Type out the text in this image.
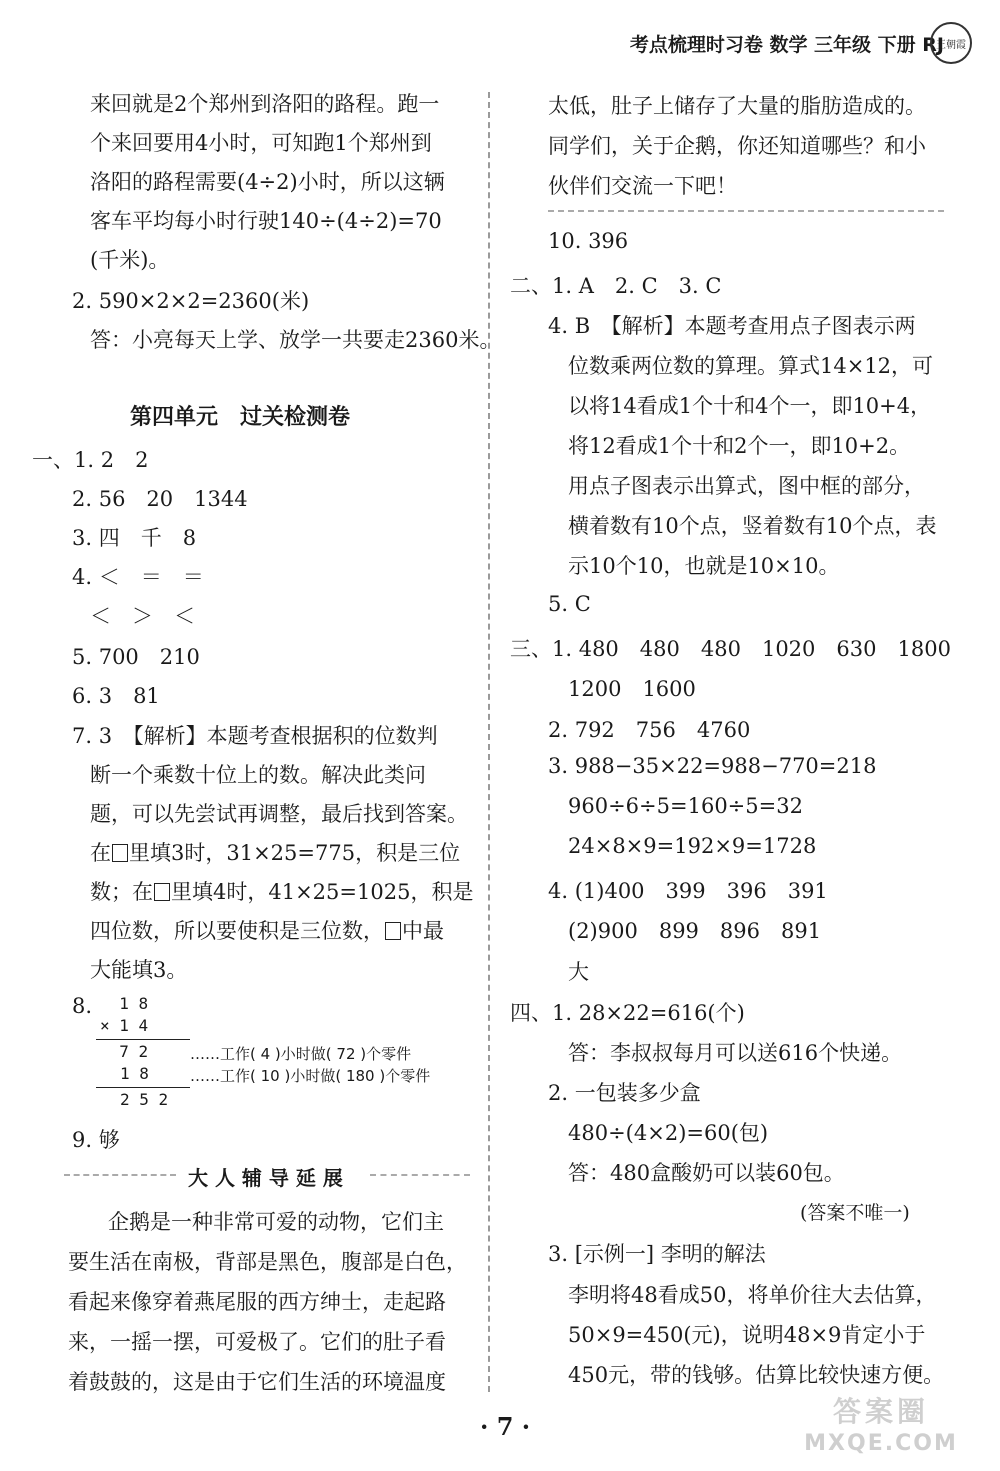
考点梳理时习卷 数学 三年级 下册 RJ
王朝霞
来回就是2个郑州到洛阳的路程。跑一
个来回要用4小时，可知跑1个郑州到
洛阳的路程需要(4÷2)小时，所以这辆
客车平均每小时行驶140÷(4÷2)=70
(千米)。
2. 590×2×2=2360(米)
答：小亮每天上学、放学一共要走2360米。
第四单元　过关检测卷
一、1. 2　2
2. 56　20　1344
3. 四　千　8
4. ＜　＝　＝
＜　＞　＜
5. 700　210
6. 3　81
7. 3　【解析】本题考查根据积的位数判
断一个乘数十位上的数。解决此类问
题，可以先尝试再调整，最后找到答案。
在 里填3时，31×25=775，积是三位
数；在 里填4时，41×25=1025，积是
四位数，所以要使积是三位数， 中最
大能填3。
8. 1 8
× 1 4
7 2	……工作( 4 )小时做( 72 )个零件
1 8	……工作( 10 )小时做( 180 )个零件
2 5 2
9. 够
大 人 辅 导 延 展
企鹅是一种非常可爱的动物，它们主
要生活在南极，背部是黑色，腹部是白色，
看起来像穿着燕尾服的西方绅士，走起路
来，一摇一摆，可爱极了。它们的肚子看
着鼓鼓的，这是由于它们生活的环境温度
太低，肚子上储存了大量的脂肪造成的。
同学们，关于企鹅，你还知道哪些？和小
伙伴们交流一下吧！
10. 396
二、1. A　2. C　3. C
4. B　【解析】本题考查用点子图表示两
位数乘两位数的算理。算式14×12，可
以将14看成1个十和4个一，即10+4，
将12看成1个十和2个一，即10+2。
用点子图表示出算式，图中框的部分，
横着数有10个点，竖着数有10个点，表
示10个10，也就是10×10。
5. C
三、1. 480　480　480　1020　630　1800
1200　1600
2. 792　756　4760
3. 988−35×22=988−770=218
960÷6÷5=160÷5=32
24×8×9=192×9=1728
4. (1)400　399　396　391
(2)900　899　896　891
大
四、1. 28×22=616(个)
答：李叔叔每月可以送616个快递。
2. 一包装多少盒
480÷(4×2)=60(包)
答：480盒酸奶可以装60包。
(答案不唯一)
3. [示例一] 李明的解法
李明将48看成50，将单价往大去估算，
50×9=450(元)，说明48×9肯定小于
450元，带的钱够。估算比较快速方便。
· 7 ·	答案圈
MXQE.COM
